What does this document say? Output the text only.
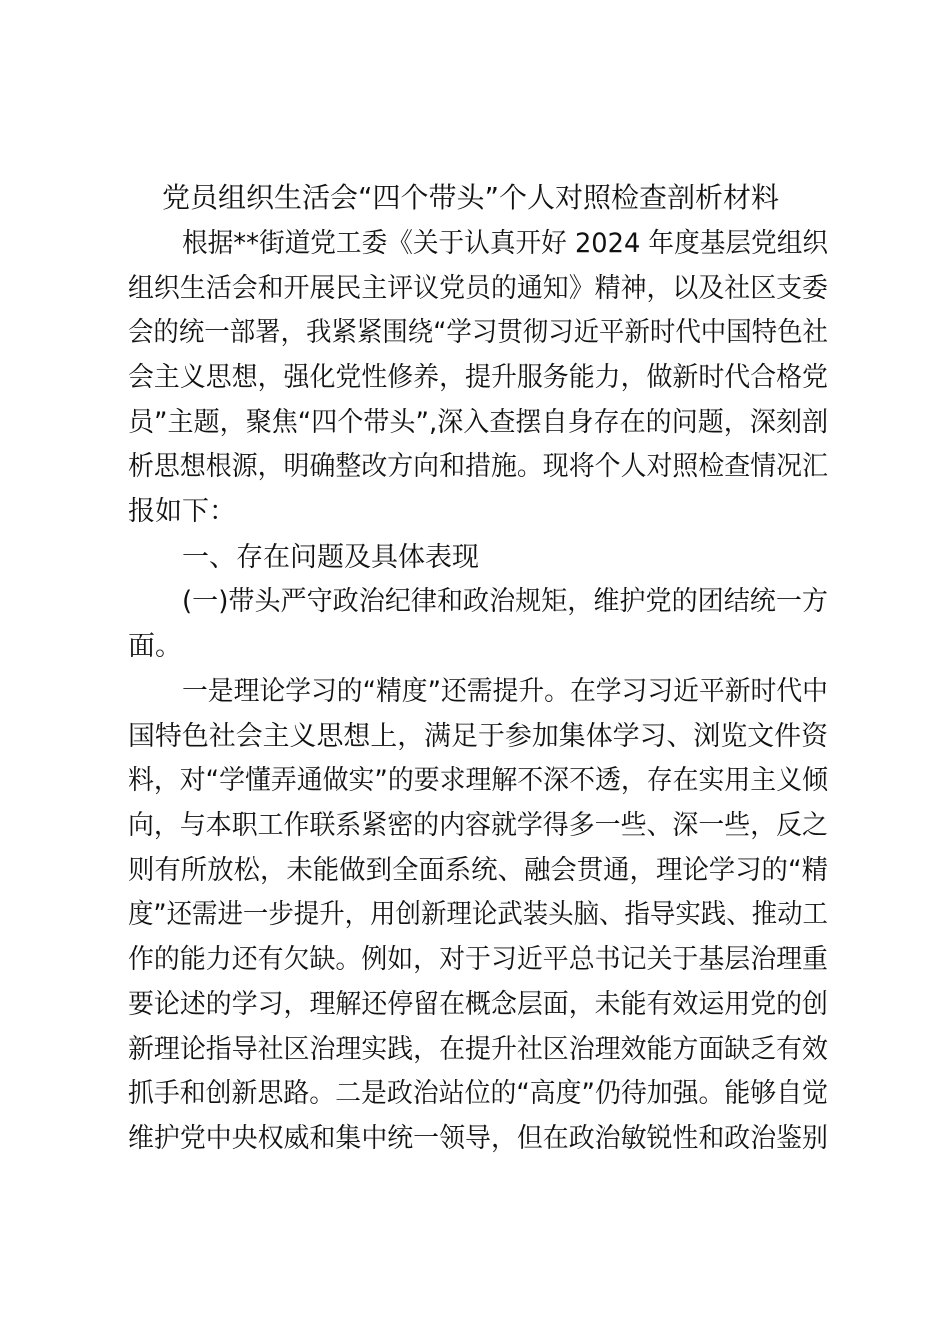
党员组织生活会“四个带头”个人对照检查剖析材料

根据**街道党工委《关于认真开好 2024 年度基层党组织
组织生活会和开展民主评议党员的通知》精神，以及社区支委
会的统一部署，我紧紧围绕“学习贯彻习近平新时代中国特色社
会主义思想，强化党性修养，提升服务能力，做新时代合格党
员”主题，聚焦“四个带头”,深入查摆自身存在的问题，深刻剖
析思想根源，明确整改方向和措施。现将个人对照检查情况汇
报如下：

一、存在问题及具体表现

(一)带头严守政治纪律和政治规矩，维护党的团结统一方
面。

一是理论学习的“精度”还需提升。在学习习近平新时代中
国特色社会主义思想上，满足于参加集体学习、浏览文件资
料，对“学懂弄通做实”的要求理解不深不透，存在实用主义倾
向，与本职工作联系紧密的内容就学得多一些、深一些，反之
则有所放松，未能做到全面系统、融会贯通，理论学习的“精
度”还需进一步提升，用创新理论武装头脑、指导实践、推动工
作的能力还有欠缺。例如，对于习近平总书记关于基层治理重
要论述的学习，理解还停留在概念层面，未能有效运用党的创
新理论指导社区治理实践，在提升社区治理效能方面缺乏有效
抓手和创新思路。二是政治站位的“高度”仍待加强。能够自觉
维护党中央权威和集中统一领导，但在政治敏锐性和政治鉴别
